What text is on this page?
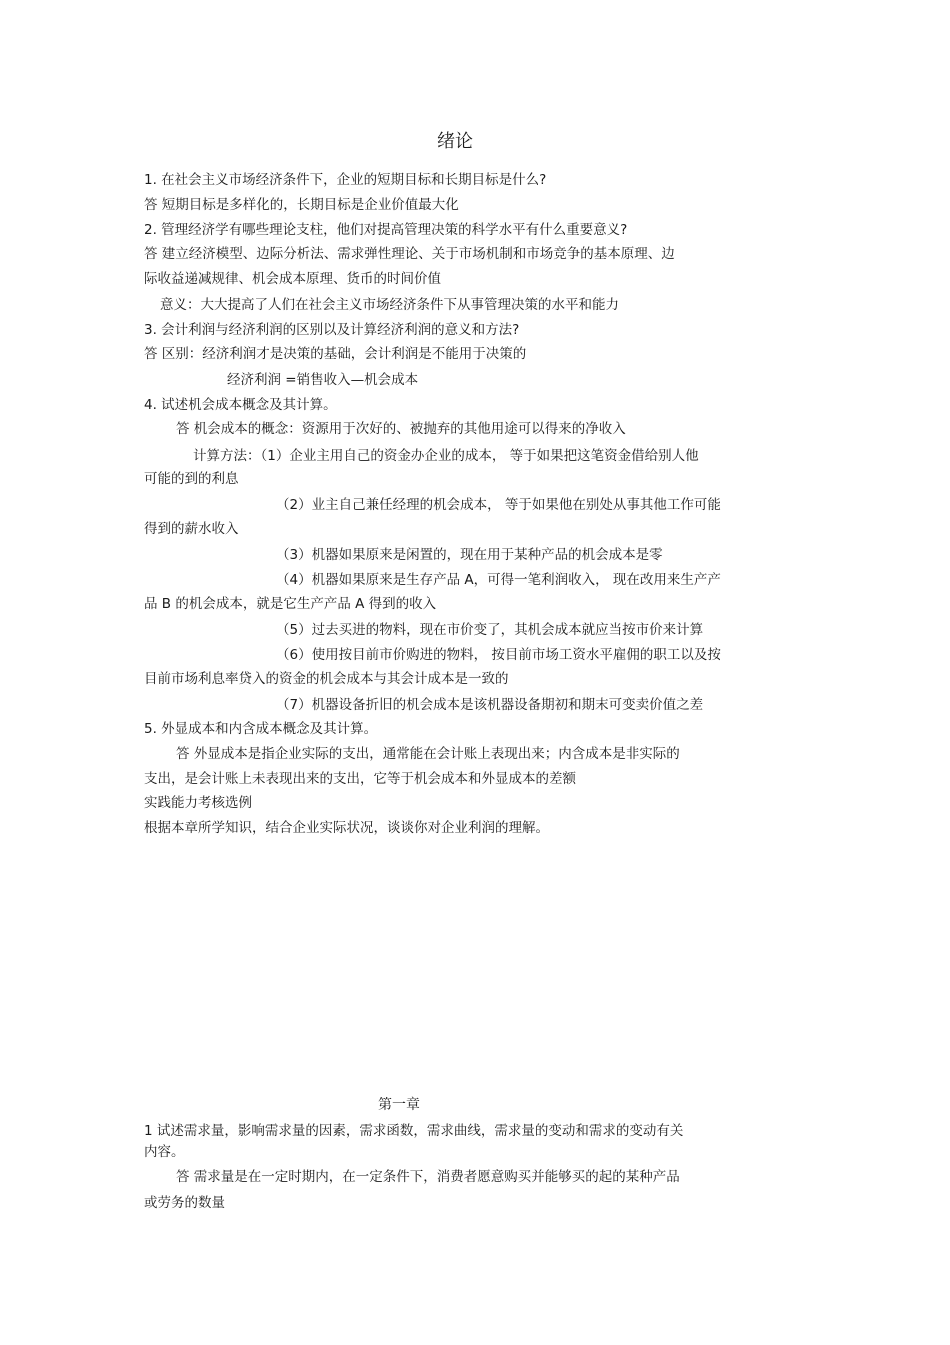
绪论
1. 在社会主义市场经济条件下，企业的短期目标和长期目标是什么?
答 短期目标是多样化的，长期目标是企业价值最大化
2. 管理经济学有哪些理论支柱，他们对提高管理决策的科学水平有什么重要意义?
答 建立经济模型、边际分析法、需求弹性理论、关于市场机制和市场竞争的基本原理、边
际收益递减规律、机会成本原理、货币的时间价值
意义：大大提高了人们在社会主义市场经济条件下从事管理决策的水平和能力
3. 会计利润与经济利润的区别以及计算经济利润的意义和方法?
答 区别：经济利润才是决策的基础，会计利润是不能用于决策的
经济利润 =销售收入—机会成本
4. 试述机会成本概念及其计算。
答 机会成本的概念：资源用于次好的、被抛弃的其他用途可以得来的净收入
计算方法：（1）企业主用自己的资金办企业的成本， 等于如果把这笔资金借给别人他
可能的到的利息
（2）业主自己兼任经理的机会成本， 等于如果他在别处从事其他工作可能
得到的薪水收入
（3）机器如果原来是闲置的，现在用于某种产品的机会成本是零
（4）机器如果原来是生存产品 A，可得一笔利润收入， 现在改用来生产产
品 B 的机会成本，就是它生产产品 A 得到的收入
（5）过去买进的物料，现在市价变了，其机会成本就应当按市价来计算
（6）使用按目前市价购进的物料， 按目前市场工资水平雇佣的职工以及按
目前市场利息率贷入的资金的机会成本与其会计成本是一致的
（7）机器设备折旧的机会成本是该机器设备期初和期末可变卖价值之差
5. 外显成本和内含成本概念及其计算。
答 外显成本是指企业实际的支出，通常能在会计账上表现出来；内含成本是非实际的
支出，是会计账上未表现出来的支出，它等于机会成本和外显成本的差额
实践能力考核选例
根据本章所学知识，结合企业实际状况，谈谈你对企业利润的理解。
第一章
1 试述需求量，影响需求量的因素，需求函数，需求曲线，需求量的变动和需求的变动有关
内容。
答 需求量是在一定时期内，在一定条件下，消费者愿意购买并能够买的起的某种产品
或劳务的数量
